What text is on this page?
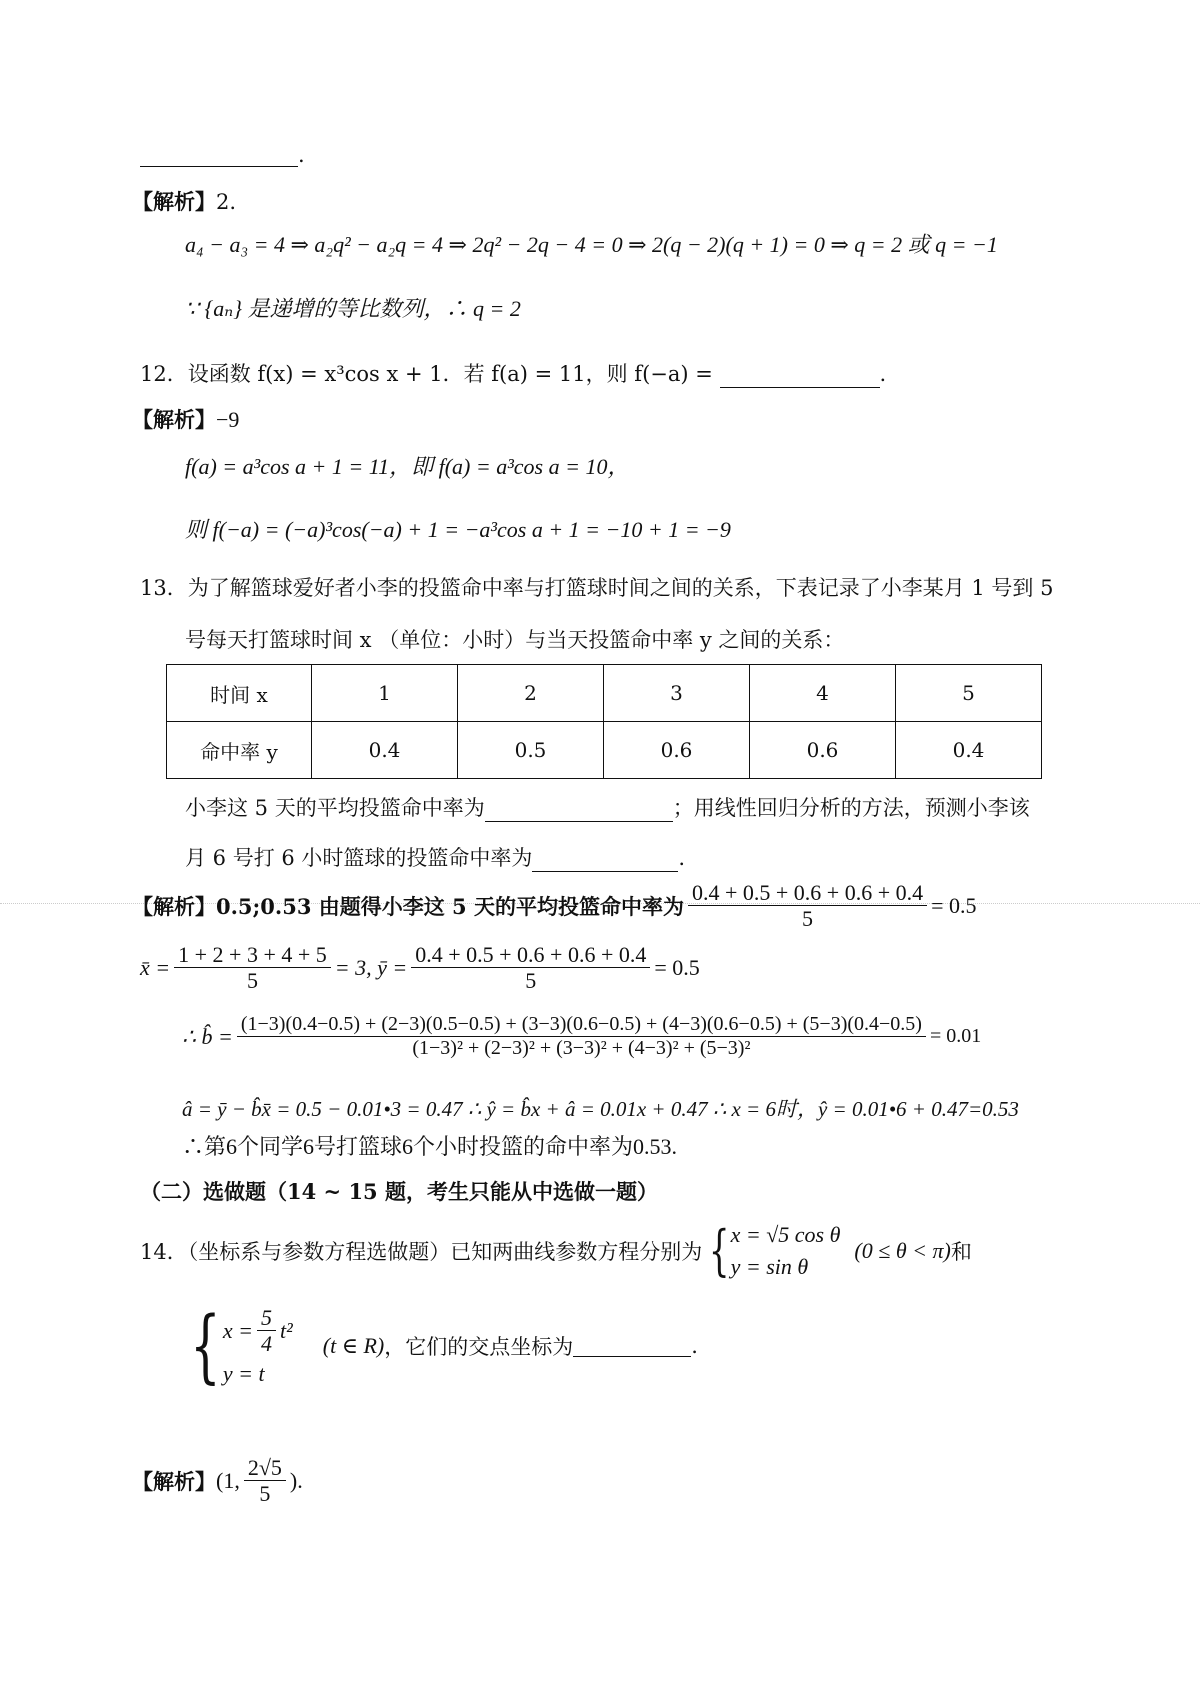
.
【解析】2.
a₄ − a₃ = 4 ⇒ a₂q² − a₂q = 4 ⇒ 2q² − 2q − 4 = 0 ⇒ 2(q − 2)(q + 1) = 0 ⇒ q = 2 或 q = −1
∵ {aₙ} 是递增的等比数列，∴ q = 2
12．设函数 f(x) = x³cos x + 1．若 f(a) = 11，则 f(−a) =	.
【解析】−9
f(a) = a³cos a + 1 = 11，即 f(a) = a³cos a = 10，
则 f(−a) = (−a)³cos(−a) + 1 = −a³cos a + 1 = −10 + 1 = −9
13．为了解篮球爱好者小李的投篮命中率与打篮球时间之间的关系，下表记录了小李某月 1 号到 5
号每天打篮球时间 x （单位：小时）与当天投篮命中率 y 之间的关系：
时间 x	1	2	3	4	5
命中率 y	0.4	0.5	0.6	0.6	0.4
小李这 5 天的平均投篮命中率为	；用线性回归分析的方法，预测小李该
月 6 号打 6 小时篮球的投篮命中率为	.
【解析】 0.5;0.53 由题得小李这 5 天的平均投篮命中率为 $\frac{0.4 + 0.5 + 0.6 + 0.6 + 0.4}{5} = 0.5$
x̄ = $\frac{1 + 2 + 3 + 4 + 5}{5} = 3$, ȳ = $\frac{0.4 + 0.5 + 0.6 + 0.6 + 0.4}{5} = 0.5$
∴ b̂ = (1−3)(0.4−0.5) + (2−3)(0.5−0.5) + (3−3)(0.6−0.5) + (4−3)(0.6−0.5) + (5−3)(0.4−0.5)
(1−3)² + (2−3)² + (3−3)² + (4−3)² + (5−3)²
= 0.01
â = ȳ − b̂x̄ = 0.5 − 0.01•3 = 0.47 ∴ ŷ = b̂x + â = 0.01x + 0.47 ∴ x = 6时，ŷ = 0.01•6 + 0.47=0.53
∴第6个同学6号打篮球6个小时投篮的命中率为0.53.
（二）选做题（14 ~ 15 题，考生只能从中选做一题）
14．（坐标系与参数方程选做题）已知两曲线参数方程分别为 { x = √5 cos θ
y = sin θ
(0 ≤ θ < π) 和
{ $x = \frac{5}{4} t^2$
y = t
(t ∈ R) ，它们的交点坐标为	.
【解析】 (1, $\frac{2√5}{5}$ ).
